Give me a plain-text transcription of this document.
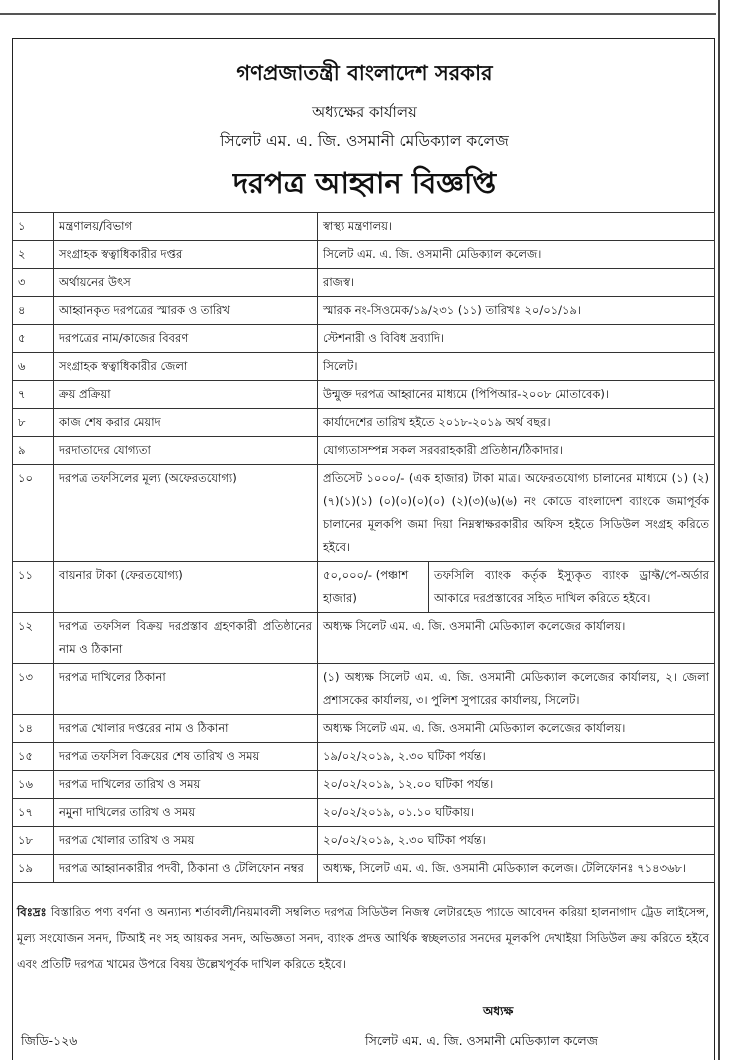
গণপ্রজাতন্ত্রী বাংলাদেশ সরকার
অধ্যক্ষের কার্যালয়
সিলেট এম. এ. জি. ওসমানী মেডিক্যাল কলেজ
দরপত্র আহ্বান বিজ্ঞপ্তি
১	মন্ত্রণালয়/বিভাগ	স্বাস্থ্য মন্ত্রণালয়।	
২	সংগ্রাহক স্বত্বাধিকারীর দপ্তর	সিলেট এম. এ. জি. ওসমানী মেডিক্যাল কলেজ।	
৩	অর্থায়নের উৎস	রাজস্ব।	
৪	আহ্বানকৃত দরপত্রের স্মারক ও তারিখ	স্মারক নং-সিওমেক/১৯/২৩১ (১১) তারিখঃ ২০/০১/১৯।	
৫	দরপত্রের নাম/কাজের বিবরণ	স্টেশনারী ও বিবিধ দ্রব্যাদি।	
৬	সংগ্রাহক স্বত্বাধিকারীর জেলা	সিলেট।	
৭	ক্রয় প্রক্রিয়া	উন্মুক্ত দরপত্র আহ্বানের মাধ্যমে (পিপিআর-২০০৮ মোতাবেক)।	
৮	কাজ শেষ করার মেয়াদ	কার্যাদেশের তারিখ হইতে ২০১৮-২০১৯ অর্থ বছর।	
৯	দরদাতাদের যোগ্যতা	যোগ্যতাসম্পন্ন সকল সরবরাহকারী প্রতিষ্ঠান/ঠিকাদার।	
১০	দরপত্র তফসিলের মূল্য (অফেরতযোগ্য)	প্রতিসেট ১০০০/- (এক হাজার) টাকা মাত্র। অফেরতযোগ্য চালানের মাধ্যমে (১) (২)(৭)(১)(১) (০)(০)(০)(০) (২)(৩)(৬)(৬) নং কোডে বাংলাদেশ ব্যাংকে জমাপূর্বক চালানের মূলকপি জমা দিয়া নিম্নস্বাক্ষরকারীর অফিস হইতে সিডিউল সংগ্রহ করিতে হইবে।	
১১	বায়নার টাকা (ফেরতযোগ্য)	৫০,০০০/- (পঞ্চাশ হাজার)	তফসিলি ব্যাংক কর্তৃক ইস্যুকৃত ব্যাংক ড্রাফ্ট/পে-অর্ডার আকারে দরপ্রস্তাবের সহিত দাখিল করিতে হইবে।
১২	দরপত্র তফসিল বিক্রয় দরপ্রস্তাব গ্রহণকারী প্রতিষ্ঠানের নাম ও ঠিকানা	অধ্যক্ষ সিলেট এম. এ. জি. ওসমানী মেডিক্যাল কলেজের কার্যালয়।	
১৩	দরপত্র দাখিলের ঠিকানা	(১) অধ্যক্ষ সিলেট এম. এ. জি. ওসমানী মেডিক্যাল কলেজের কার্যালয়, ২। জেলা প্রশাসকের কার্যালয়, ৩। পুলিশ সুপারের কার্যালয়, সিলেট।	
১৪	দরপত্র খোলার দপ্তরের নাম ও ঠিকানা	অধ্যক্ষ সিলেট এম. এ. জি. ওসমানী মেডিক্যাল কলেজের কার্যালয়।	
১৫	দরপত্র তফসিল বিক্রয়ের শেষ তারিখ ও সময়	১৯/০২/২০১৯, ২.৩০ ঘটিকা পর্যন্ত।	
১৬	দরপত্র দাখিলের তারিখ ও সময়	২০/০২/২০১৯, ১২.০০ ঘটিকা পর্যন্ত।	
১৭	নমুনা দাখিলের তারিখ ও সময়	২০/০২/২০১৯, ০১.১০ ঘটিকায়।	
১৮	দরপত্র খোলার তারিখ ও সময়	২০/০২/২০১৯, ২.৩০ ঘটিকা পর্যন্ত।	
১৯	দরপত্র আহ্বানকারীর পদবী, ঠিকানা ও টেলিফোন নম্বর	অধ্যক্ষ, সিলেট এম. এ. জি. ওসমানী মেডিক্যাল কলেজ। টেলিফোনঃ ৭১৪৩৬৮।	
বিঃদ্রঃ বিস্তারিত পণ্য বর্ণনা ও অন্যান্য শর্তাবলী/নিয়মাবলী সম্বলিত দরপত্র সিডিউল নিজস্ব লেটারহেড প্যাডে আবেদন করিয়া হালনাগাদ ট্রেড লাইসেন্স, মূল্য সংযোজন সনদ, টিআই নং সহ আয়কর সনদ, অভিজ্ঞতা সনদ, ব্যাংক প্রদত্ত আর্থিক স্বচ্ছলতার সনদের মূলকপি দেখাইয়া সিডিউল ক্রয় করিতে হইবে এবং প্রতিটি দরপত্র খামের উপরে বিষয় উল্লেখপূর্বক দাখিল করিতে হইবে।
অধ্যক্ষ
জিডি-১২৬	সিলেট এম. এ. জি. ওসমানী মেডিক্যাল কলেজ
